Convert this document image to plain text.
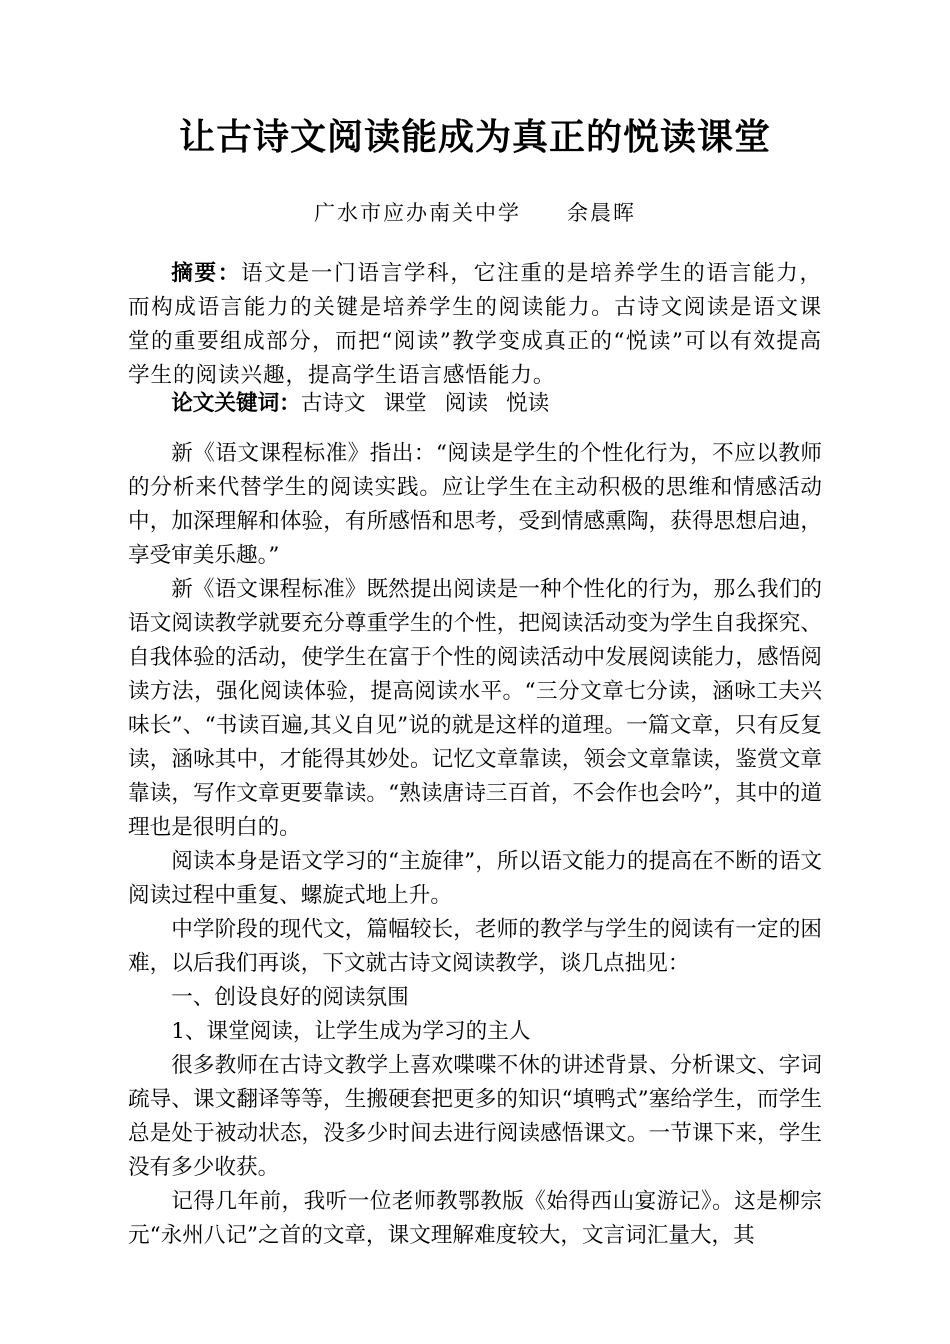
让古诗文阅读能成为真正的悦读课堂
广水市应办南关中学 余晨晖

摘要：语文是一门语言学科，它注重的是培养学生的语言能力，而构成语言能力的关键是培养学生的阅读能力。古诗文阅读是语文课堂的重要组成部分，而把“阅读”教学变成真正的“悦读”可以有效提高学生的阅读兴趣，提高学生语言感悟能力。

论文关键词：古诗文 课堂 阅读 悦读

新《语文课程标准》指出：“阅读是学生的个性化行为，不应以教师的分析来代替学生的阅读实践。应让学生在主动积极的思维和情感活动中，加深理解和体验，有所感悟和思考，受到情感熏陶，获得思想启迪，享受审美乐趣。”

新《语文课程标准》既然提出阅读是一种个性化的行为，那么我们的语文阅读教学就要充分尊重学生的个性，把阅读活动变为学生自我探究、自我体验的活动，使学生在富于个性的阅读活动中发展阅读能力，感悟阅读方法，强化阅读体验，提高阅读水平。“三分文章七分读，涵咏工夫兴味长”、“书读百遍,其义自见”说的就是这样的道理。一篇文章，只有反复读，涵咏其中，才能得其妙处。记忆文章靠读，领会文章靠读，鉴赏文章靠读，写作文章更要靠读。“熟读唐诗三百首，不会作也会吟”，其中的道理也是很明白的。

阅读本身是语文学习的“主旋律”，所以语文能力的提高在不断的语文阅读过程中重复、螺旋式地上升。

中学阶段的现代文，篇幅较长，老师的教学与学生的阅读有一定的困难，以后我们再谈，下文就古诗文阅读教学，谈几点拙见：

一、创设良好的阅读氛围

1、课堂阅读，让学生成为学习的主人

很多教师在古诗文教学上喜欢喋喋不休的讲述背景、分析课文、字词疏导、课文翻译等等，生搬硬套把更多的知识“填鸭式”塞给学生，而学生总是处于被动状态，没多少时间去进行阅读感悟课文。一节课下来，学生没有多少收获。

记得几年前，我听一位老师教鄂教版《始得西山宴游记》。这是柳宗元“永州八记”之首的文章，课文理解难度较大，文言词汇量大，其
